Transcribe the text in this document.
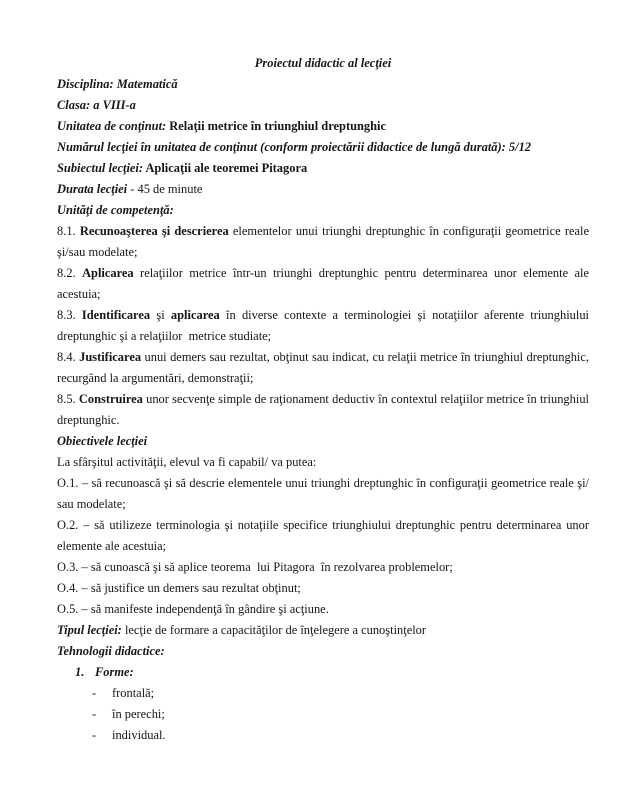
Proiectul didactic al lecţiei
Disciplina: Matematică
Clasa: a VIII-a
Unitatea de conţinut: Relaţii metrice în triunghiul dreptunghic
Numărul lecţiei în unitatea de conţinut (conform proiectării didactice de lungă durată): 5/12
Subiectul lecţiei: Aplicaţii ale teoremei Pitagora
Durata lecţiei - 45 de minute
Unităţi de competenţă:
8.1. Recunoaşterea şi descrierea elementelor unui triunghi dreptunghic în configuraţii geometrice reale şi/sau modelate;
8.2. Aplicarea relaţiilor metrice într-un triunghi dreptunghic pentru determinarea unor elemente ale acestuia;
8.3. Identificarea şi aplicarea în diverse contexte a terminologiei şi notaţiilor aferente triunghiului dreptunghic şi a relaţiilor  metrice studiate;
8.4. Justificarea unui demers sau rezultat, obţinut sau indicat, cu relaţii metrice în triunghiul dreptunghic, recurgând la argumentări, demonstraţii;
8.5. Construirea unor secvenţe simple de raţionament deductiv în contextul relaţiilor metrice în triunghiul dreptunghic.
Obiectivele lecţiei
La sfârşitul activităţii, elevul va fi capabil/ va putea:
O.1. – să recunoască şi să descrie elementele unui triunghi dreptunghic în configuraţii geometrice reale şi/ sau modelate;
O.2. – să utilizeze terminologia şi notaţiile specifice triunghiului dreptunghic pentru determinarea unor elemente ale acestuia;
O.3. – să cunoască şi să aplice teorema  lui Pitagora  în rezolvarea problemelor;
O.4. – să justifice un demers sau rezultat obţinut;
O.5. – să manifeste independenţă în gândire şi acţiune.
Tipul lecţiei: lecţie de formare a capacităţilor de înţelegere a cunoştinţelor
Tehnologii didactice:
1. Forme:
- frontală;
- în perechi;
- individual.
